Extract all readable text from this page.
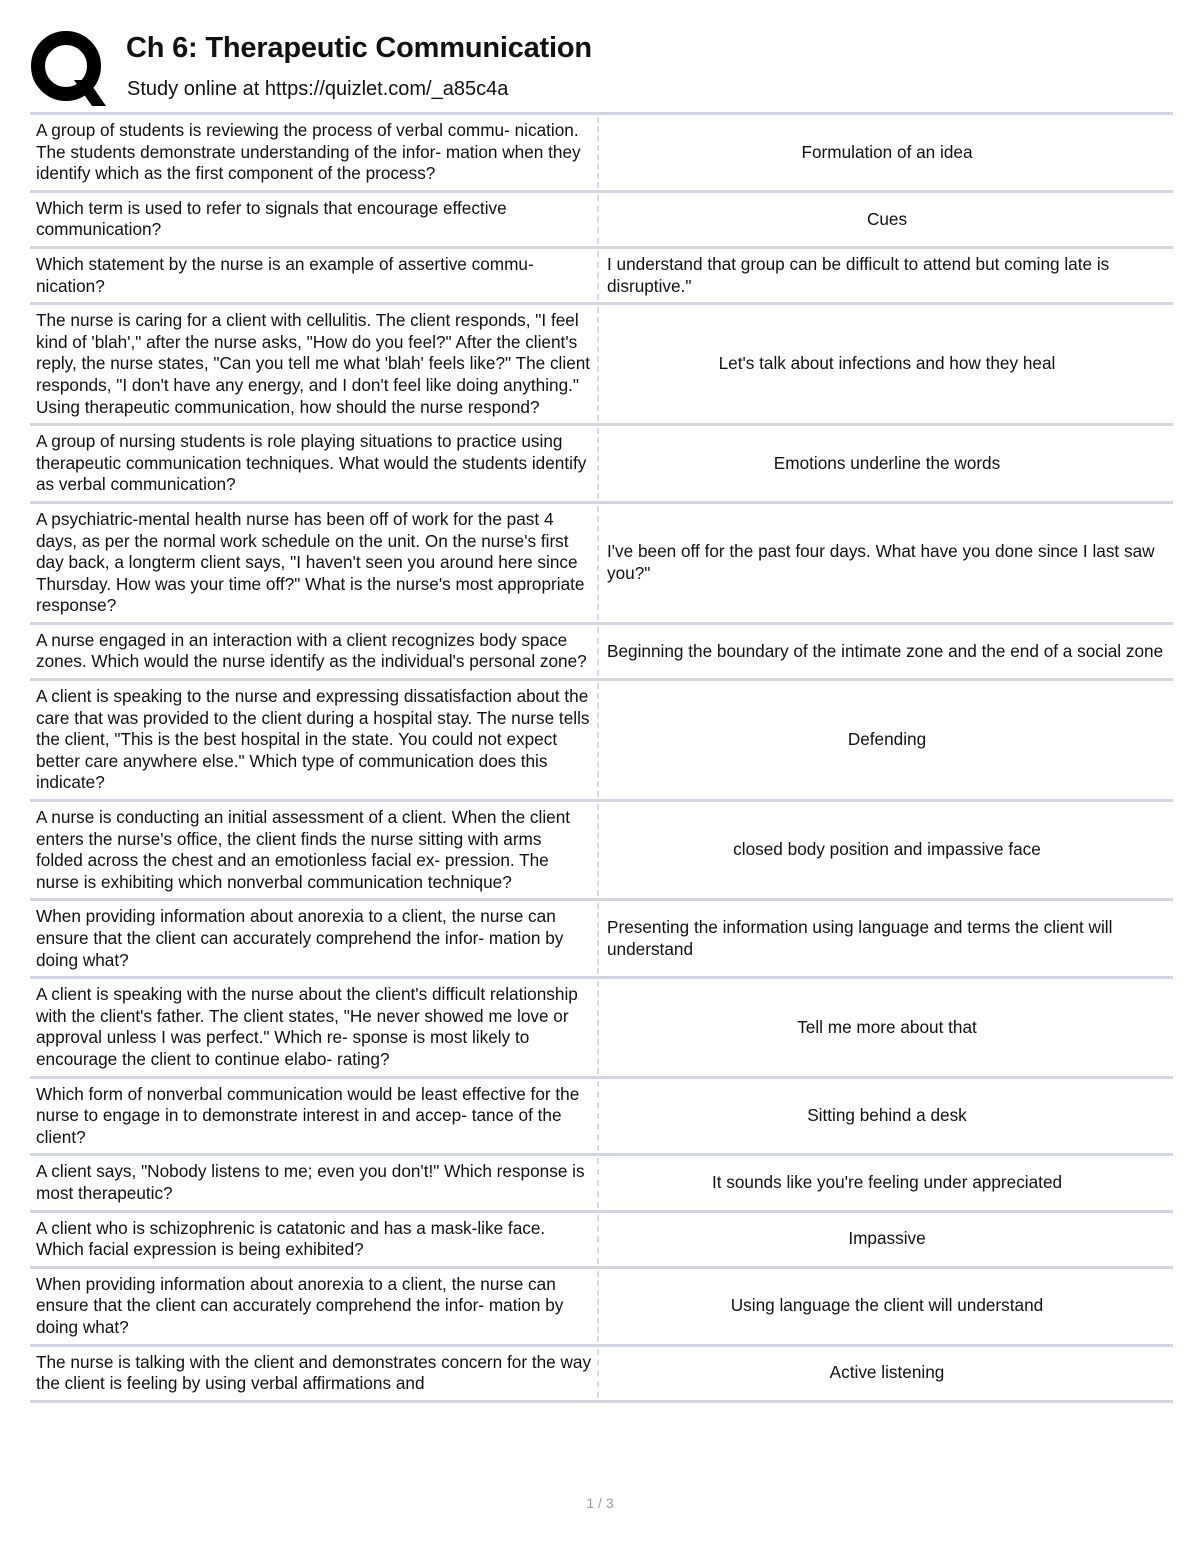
Ch 6: Therapeutic Communication
Study online at https://quizlet.com/_a85c4a
A group of students is reviewing the process of verbal commu- nication. The students demonstrate understanding of the infor- mation when they identify which as the first component of the process?
Formulation of an idea
Which term is used to refer to signals that encourage effective communication?
Cues
Which statement by the nurse is an example of assertive commu- nication?
I understand that group can be difficult to attend but coming late is disruptive."
The nurse is caring for a client with cellulitis. The client responds, "I feel kind of 'blah'," after the nurse asks, "How do you feel?" After the client's reply, the nurse states, "Can you tell me what 'blah' feels like?" The client responds, "I don't have any energy, and I don't feel like doing anything." Using therapeutic communication, how should the nurse respond?
Let's talk about infections and how they heal
A group of nursing students is role playing situations to practice using therapeutic communication techniques. What would the students identify as verbal communication?
Emotions underline the words
A psychiatric-mental health nurse has been off of work for the past 4 days, as per the normal work schedule on the unit. On the nurse's first day back, a longterm client says, "I haven't seen you around here since Thursday. How was your time off?" What is the nurse's most appropriate response?
I've been off for the past four days. What have you done since I last saw you?"
A nurse engaged in an interaction with a client recognizes body space zones. Which would the nurse identify as the individual's personal zone?
Beginning the boundary of the intimate zone and the end of a social zone
A client is speaking to the nurse and expressing dissatisfaction about the care that was provided to the client during a hospital stay. The nurse tells the client, "This is the best hospital in the state. You could not expect better care anywhere else." Which type of communication does this indicate?
Defending
A nurse is conducting an initial assessment of a client. When the client enters the nurse's office, the client finds the nurse sitting with arms folded across the chest and an emotionless facial ex- pression. The nurse is exhibiting which nonverbal communication technique?
closed body position and impassive face
When providing information about anorexia to a client, the nurse can ensure that the client can accurately comprehend the infor- mation by doing what?
Presenting the information using language and terms the client will understand
A client is speaking with the nurse about the client's difficult relationship with the client's father. The client states, "He never showed me love or approval unless I was perfect." Which re- sponse is most likely to encourage the client to continue elabo- rating?
Tell me more about that
Which form of nonverbal communication would be least effective for the nurse to engage in to demonstrate interest in and accep- tance of the client?
Sitting behind a desk
A client says, "Nobody listens to me; even you don't!" Which response is most therapeutic?
It sounds like you're feeling under appreciated
A client who is schizophrenic is catatonic and has a mask-like face. Which facial expression is being exhibited?
Impassive
When providing information about anorexia to a client, the nurse can ensure that the client can accurately comprehend the infor- mation by doing what?
Using language the client will understand
The nurse is talking with the client and demonstrates concern for the way the client is feeling by using verbal affirmations and
Active listening
1 / 3
